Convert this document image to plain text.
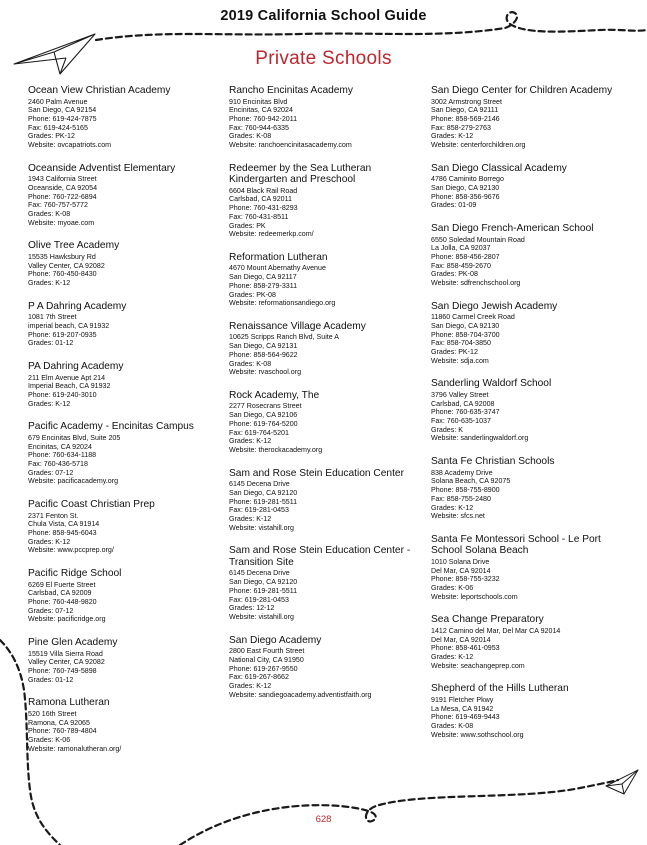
2019 California School Guide
Private Schools
Ocean View Christian Academy
2460 Palm Avenue
San Diego, CA 92154
Phone: 619-424-7875
Fax: 619-424-5165
Grades: PK-12
Website: ovcapatriots.com
Oceanside Adventist Elementary
1943 California Street
Oceanside, CA 92054
Phone: 760-722-6894
Fax: 760-757-5772
Grades: K-08
Website: myoae.com
Olive Tree Academy
15535 Hawksbury Rd
Valley Center, CA 92082
Phone: 760-450-8430
Grades: K-12
P A Dahring Academy
1081 7th Street
imperial beach, CA 91932
Phone: 619-207-0935
Grades: 01-12
PA Dahring Academy
211 Elm Avenue Apt 214
Imperial Beach, CA 91932
Phone: 619-240-3010
Grades: K-12
Pacific Academy - Encinitas Campus
679 Encinitas Blvd, Suite 205
Encinitas, CA 92024
Phone: 760-634-1188
Fax: 760-436-5718
Grades: 07-12
Website: pacificacademy.org
Pacific Coast Christian Prep
2371 Fenton St.
Chula Vista, CA 91914
Phone: 858-945-6043
Grades: K-12
Website: www.pccprep.org/
Pacific Ridge School
6269 El Fuerte Street
Carlsbad, CA 92009
Phone: 760-448-9820
Grades: 07-12
Website: pacificridge.org
Pine Glen Academy
15519 Villa Sierra Road
Valley Center, CA 92082
Phone: 760-749-5898
Grades: 01-12
Ramona Lutheran
520 16th Street
Ramona, CA 92065
Phone: 760-789-4804
Grades: K-06
Website: ramonalutheran.org/
Rancho Encinitas Academy
910 Encinitas Blvd
Encinitas, CA 92024
Phone: 760-942-2011
Fax: 760-944-6335
Grades: K-08
Website: ranchoencinitasacademy.com
Redeemer by the Sea Lutheran Kindergarten and Preschool
6604 Black Rail Road
Carlsbad, CA 92011
Phone: 760-431-8293
Fax: 760-431-8511
Grades: PK
Website: redeemerkp.com/
Reformation Lutheran
4670 Mount Abernathy Avenue
San Diego, CA 92117
Phone: 858-279-3311
Grades: PK-08
Website: reformationsandiego.org
Renaissance Village Academy
10625 Scripps Ranch Blvd, Suite A
San Diego, CA 92131
Phone: 858-564-9622
Grades: K-08
Website: rvaschool.org
Rock Academy, The
2277 Rosecrans Street
San Diego, CA 92106
Phone: 619-764-5200
Fax: 619-764-5201
Grades: K-12
Website: therockacademy.org
Sam and Rose Stein Education Center
6145 Decena Drive
San Diego, CA 92120
Phone: 619-281-5511
Fax: 619-281-0453
Grades: K-12
Website: vistahill.org
Sam and Rose Stein Education Center - Transition Site
6145 Decena Drive
San Diego, CA 92120
Phone: 619-281-5511
Fax: 619-281-0453
Grades: 12-12
Website: vistahill.org
San Diego Academy
2800 East Fourth Street
National City, CA 91950
Phone: 619-267-9550
Fax: 619-267-8662
Grades: K-12
Website: sandiegoacademy.adventistfaith.org
San Diego Center for Children Academy
3002 Armstrong Street
San Diego, CA 92111
Phone: 858-569-2146
Fax: 858-279-2763
Grades: K-12
Website: centerforchildren.org
San Diego Classical Academy
4786 Caminito Borrego
San Diego, CA 92130
Phone: 858-356-9676
Grades: 01-09
San Diego French-American School
6550 Soledad Mountain Road
La Jolla, CA 92037
Phone: 858-456-2807
Fax: 858-459-2670
Grades: PK-08
Website: sdfrenchschool.org
San Diego Jewish Academy
11860 Carmel Creek Road
San Diego, CA 92130
Phone: 858-704-3700
Fax: 858-704-3850
Grades: PK-12
Website: sdja.com
Sanderling Waldorf School
3796 Valley Street
Carlsbad, CA 92008
Phone: 760-635-3747
Fax: 760-635-1037
Grades: K
Website: sanderlingwaldorf.org
Santa Fe Christian Schools
838 Academy Drive
Solana Beach, CA 92075
Phone: 858-755-8900
Fax: 858-755-2480
Grades: K-12
Website: sfcs.net
Santa Fe Montessori School - Le Port School Solana Beach
1010 Solana Drive
Del Mar, CA 92014
Phone: 858-755-3232
Grades: K-06
Website: leportschools.com
Sea Change Preparatory
1412 Camino del Mar, Del Mar CA 92014
Del Mar, CA 92014
Phone: 858-461-0953
Grades: K-12
Website: seachangeprep.com
Shepherd of the Hills Lutheran
9191 Fletcher Pkwy
La Mesa, CA 91942
Phone: 619-469-9443
Grades: K-08
Website: www.sothschool.org
628
